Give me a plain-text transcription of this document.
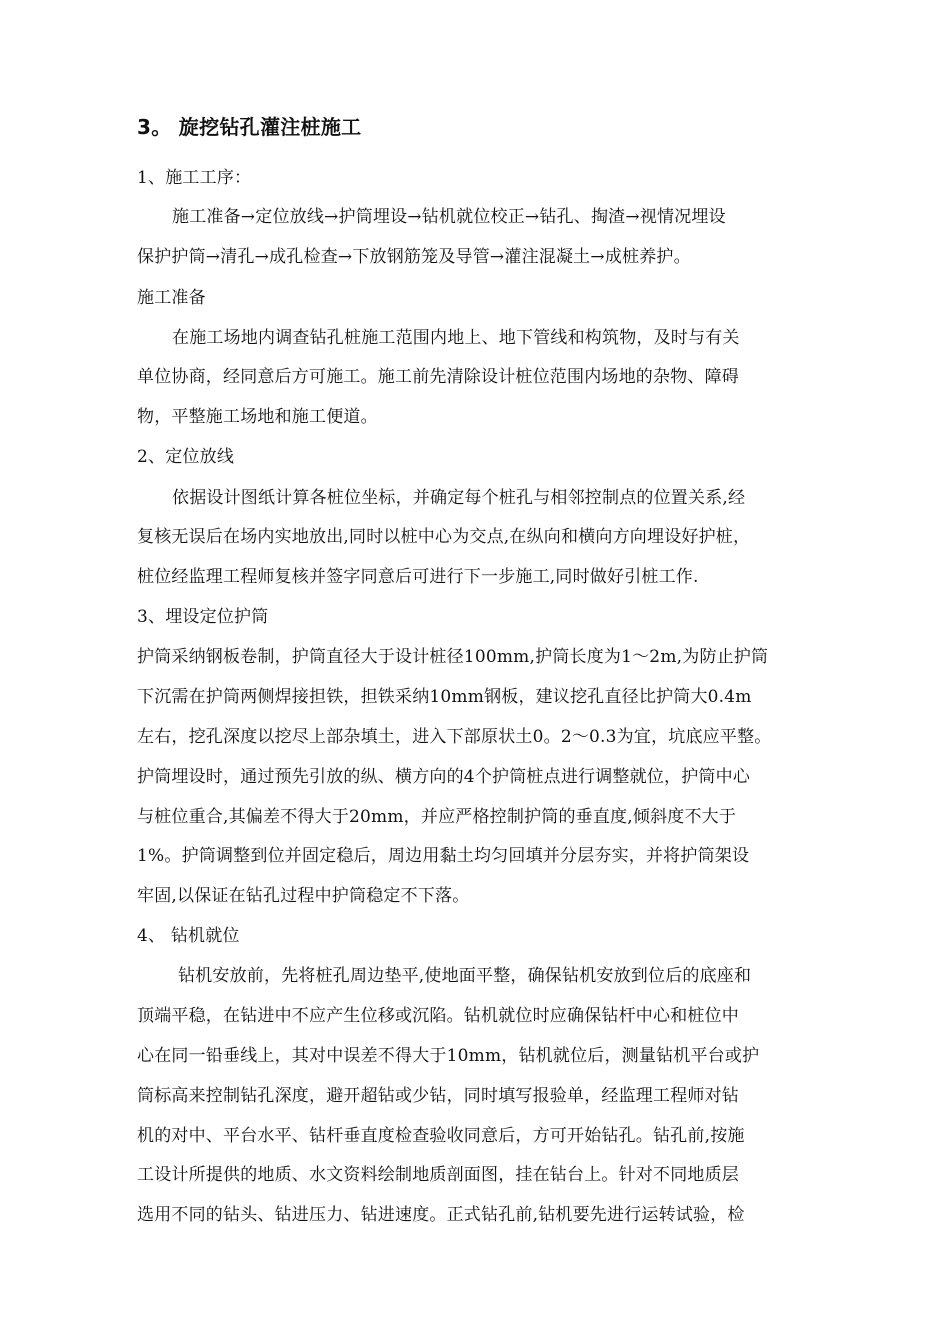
3。 旋挖钻孔灌注桩施工
1、施工工序：
施工准备→定位放线→护筒埋设→钻机就位校正→钻孔、掏渣→视情况埋设
保护护筒→清孔→成孔检查→下放钢筋笼及导管→灌注混凝土→成桩养护。
施工准备
在施工场地内调查钻孔桩施工范围内地上、地下管线和构筑物，及时与有关
单位协商，经同意后方可施工。施工前先清除设计桩位范围内场地的杂物、障碍
物，平整施工场地和施工便道。
2、定位放线
依据设计图纸计算各桩位坐标，并确定每个桩孔与相邻控制点的位置关系,经
复核无误后在场内实地放出,同时以桩中心为交点,在纵向和横向方向埋设好护桩，
桩位经监理工程师复核并签字同意后可进行下一步施工,同时做好引桩工作.
3、埋设定位护筒
护筒采纳钢板卷制，护筒直径大于设计桩径100mm,护筒长度为1～2m,为防止护筒
下沉需在护筒两侧焊接担铁，担铁采纳10mm钢板，建议挖孔直径比护筒大0.4m
左右，挖孔深度以挖尽上部杂填土，进入下部原状土0。2～0.3为宜，坑底应平整。
护筒埋设时，通过预先引放的纵、横方向的4个护筒桩点进行调整就位，护筒中心
与桩位重合,其偏差不得大于20mm，并应严格控制护筒的垂直度,倾斜度不大于
1%。护筒调整到位并固定稳后，周边用黏土均匀回填并分层夯实，并将护筒架设
牢固,以保证在钻孔过程中护筒稳定不下落。
4、 钻机就位
钻机安放前，先将桩孔周边垫平,使地面平整，确保钻机安放到位后的底座和
顶端平稳，在钻进中不应产生位移或沉陷。钻机就位时应确保钻杆中心和桩位中
心在同一铅垂线上，其对中误差不得大于10mm，钻机就位后，测量钻机平台或护
筒标高来控制钻孔深度，避开超钻或少钻，同时填写报验单，经监理工程师对钻
机的对中、平台水平、钻杆垂直度检查验收同意后，方可开始钻孔。钻孔前,按施
工设计所提供的地质、水文资料绘制地质剖面图，挂在钻台上。针对不同地质层
选用不同的钻头、钻进压力、钻进速度。正式钻孔前,钻机要先进行运转试验，检
